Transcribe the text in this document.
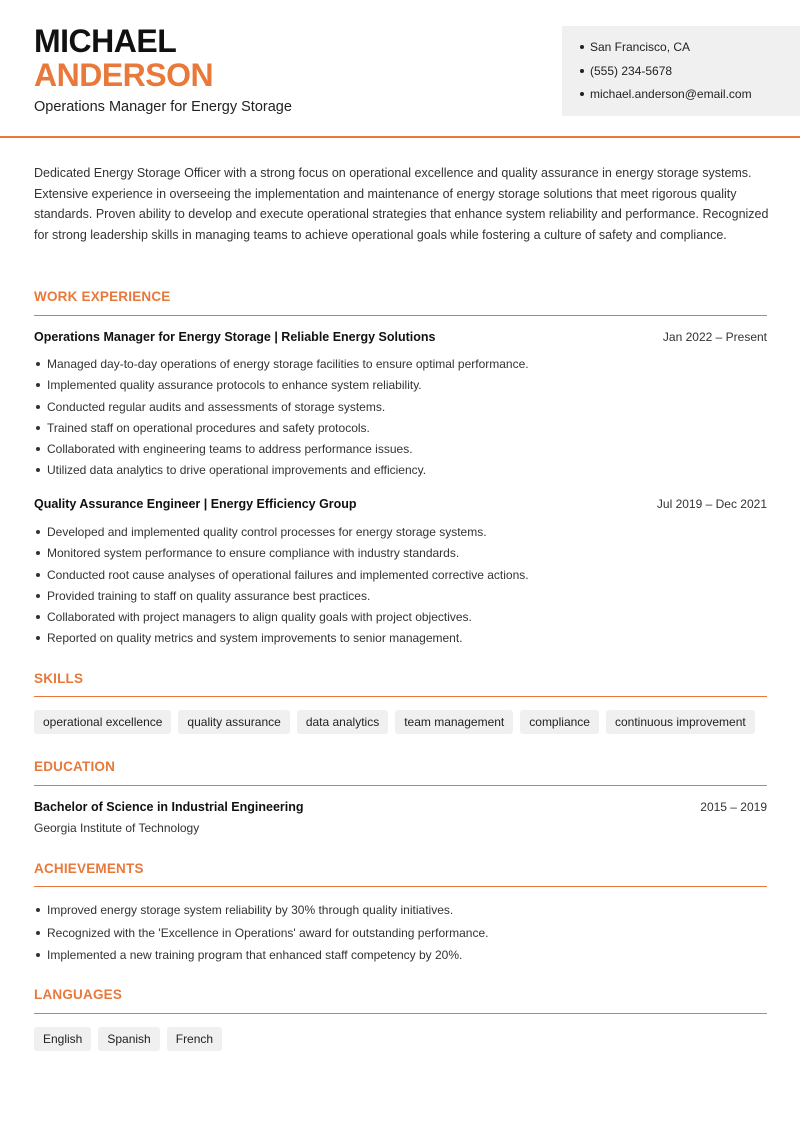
MICHAEL
ANDERSON
Operations Manager for Energy Storage
San Francisco, CA
(555) 234-5678
michael.anderson@email.com

Dedicated Energy Storage Officer with a strong focus on operational excellence and quality assurance in energy storage systems. Extensive experience in overseeing the implementation and maintenance of energy storage solutions that meet rigorous quality standards. Proven ability to develop and execute operational strategies that enhance system reliability and performance. Recognized for strong leadership skills in managing teams to achieve operational goals while fostering a culture of safety and compliance.

WORK EXPERIENCE
Operations Manager for Energy Storage | Reliable Energy Solutions	Jan 2022 – Present
Managed day-to-day operations of energy storage facilities to ensure optimal performance.
Implemented quality assurance protocols to enhance system reliability.
Conducted regular audits and assessments of storage systems.
Trained staff on operational procedures and safety protocols.
Collaborated with engineering teams to address performance issues.
Utilized data analytics to drive operational improvements and efficiency.
Quality Assurance Engineer | Energy Efficiency Group	Jul 2019 – Dec 2021
Developed and implemented quality control processes for energy storage systems.
Monitored system performance to ensure compliance with industry standards.
Conducted root cause analyses of operational failures and implemented corrective actions.
Provided training to staff on quality assurance best practices.
Collaborated with project managers to align quality goals with project objectives.
Reported on quality metrics and system improvements to senior management.
SKILLS
operational excellence	quality assurance	data analytics	team management	compliance	continuous improvement
EDUCATION
Bachelor of Science in Industrial Engineering	2015 – 2019
Georgia Institute of Technology
ACHIEVEMENTS
Improved energy storage system reliability by 30% through quality initiatives.
Recognized with the 'Excellence in Operations' award for outstanding performance.
Implemented a new training program that enhanced staff competency by 20%.
LANGUAGES
English	Spanish	French
